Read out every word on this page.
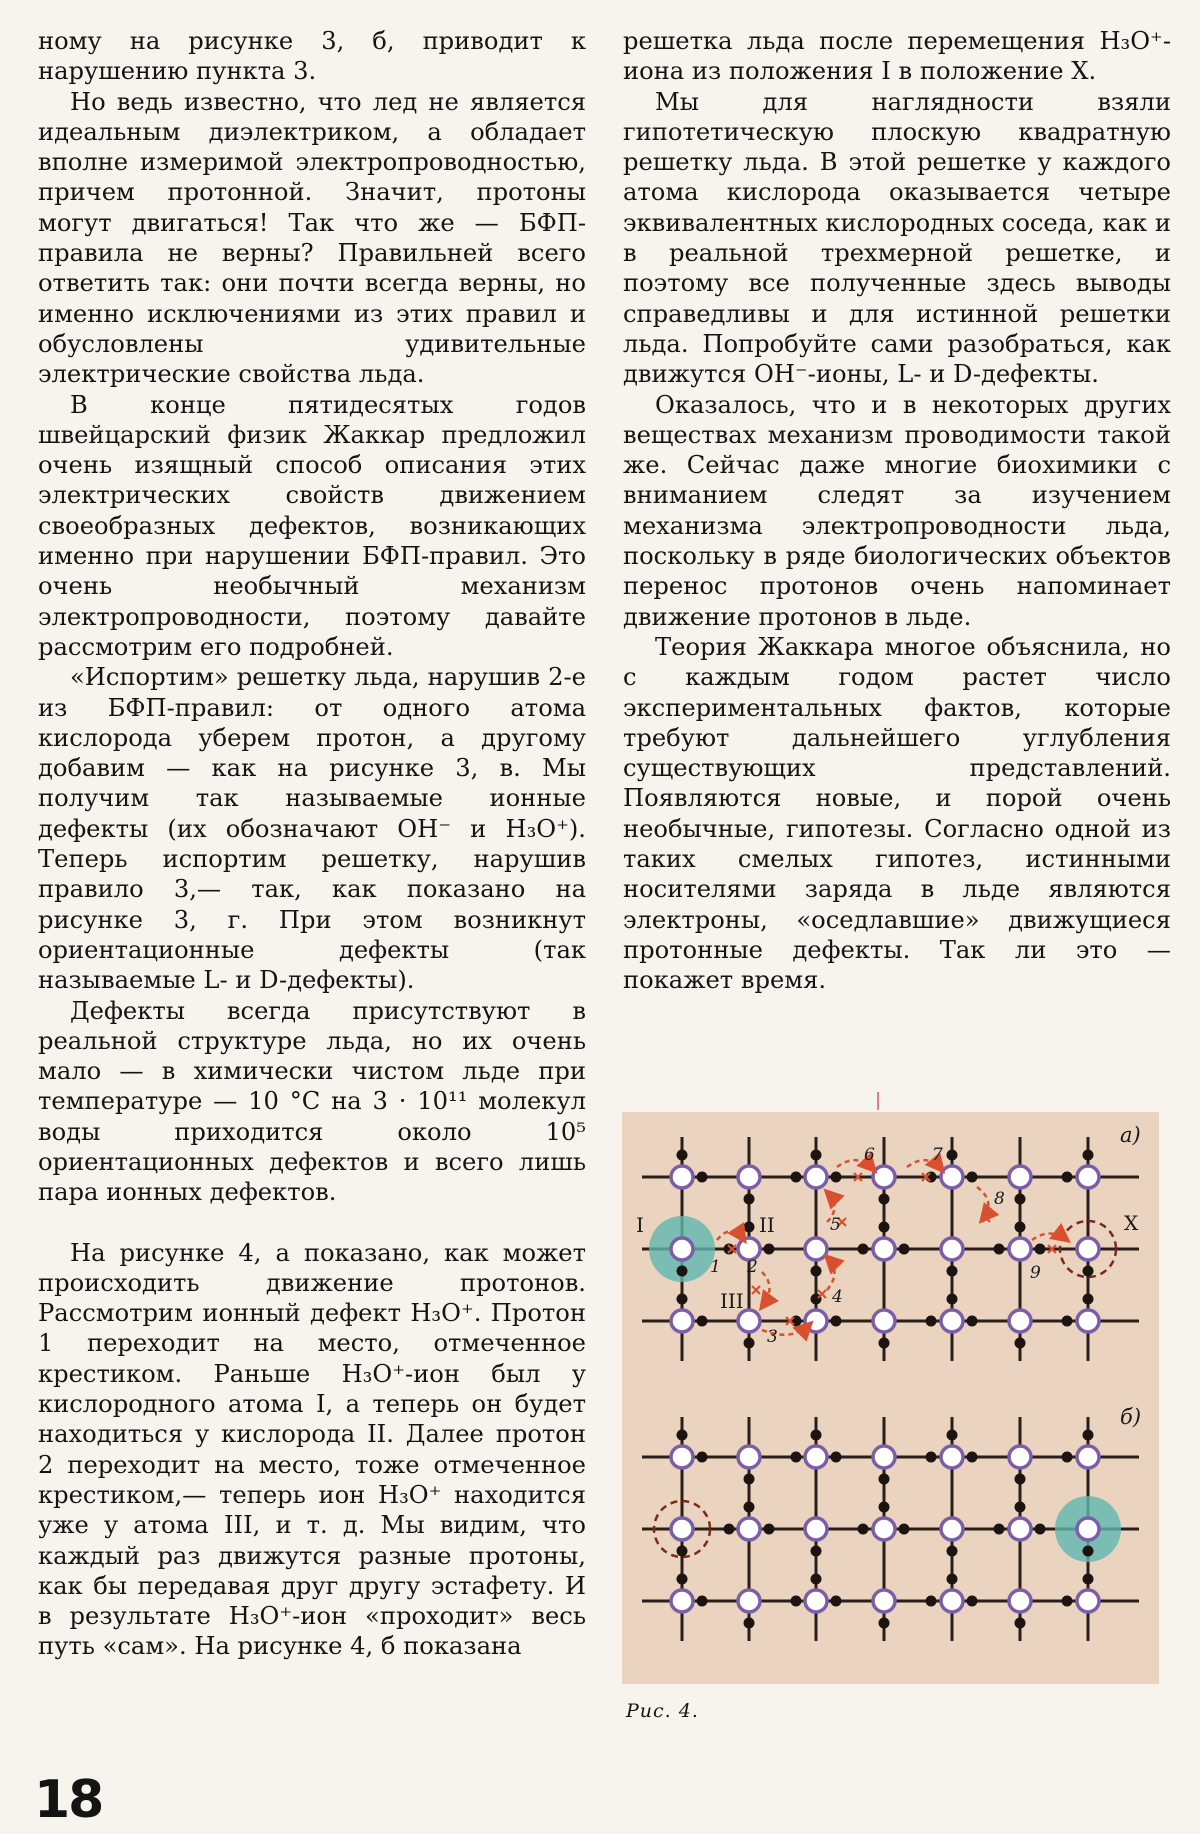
ному на рисунке 3, б, приводит к нарушению пункта 3.

Но ведь известно, что лед не является идеальным диэлектриком, а обладает вполне измеримой электропроводностью, причем протонной. Значит, протоны могут двигаться! Так что же — БФП-правила не верны? Правильней всего ответить так: они почти всегда верны, но именно исключениями из этих правил и обусловлены удивительные электрические свойства льда.

В конце пятидесятых годов швейцарский физик Жаккар предложил очень изящный способ описания этих электрических свойств движением своеобразных дефектов, возникающих именно при нарушении БФП-правил. Это очень необычный механизм электропроводности, поэтому давайте рассмотрим его подробней.

«Испортим» решетку льда, нарушив 2-е из БФП-правил: от одного атома кислорода уберем протон, а другому добавим — как на рисунке 3, в. Мы получим так называемые ионные дефекты (их обозначают OH⁻ и H₃O⁺). Теперь испортим решетку, нарушив правило 3,— так, как показано на рисунке 3, г. При этом возникнут ориентационные дефекты (так называемые L- и D-дефекты).

Дефекты всегда присутствуют в реальной структуре льда, но их очень мало — в химически чистом льде при температуре — 10 °C на 3 · 10¹¹ молекул воды приходится около 10⁵ ориентационных дефектов и всего лишь пара ионных дефектов.

На рисунке 4, а показано, как может происходить движение протонов. Рассмотрим ионный дефект H₃O⁺. Протон 1 переходит на место, отмеченное крестиком. Раньше H₃O⁺-ион был у кислородного атома I, а теперь он будет находиться у кислорода II. Далее протон 2 переходит на место, тоже отмеченное крестиком,— теперь ион H₃O⁺ находится уже у атома III, и т. д. Мы видим, что каждый раз движутся разные протоны, как бы передавая друг другу эстафету. И в результате H₃O⁺-ион «проходит» весь путь «сам». На рисунке 4, б показана

решетка льда после перемещения H₃O⁺-иона из положения I в положение X.

Мы для наглядности взяли гипотетическую плоскую квадратную решетку льда. В этой решетке у каждого атома кислорода оказывается четыре эквивалентных кислородных соседа, как и в реальной трехмерной решетке, и поэтому все полученные здесь выводы справедливы и для истинной решетки льда. Попробуйте сами разобраться, как движутся OH⁻-ионы, L- и D-дефекты.

Оказалось, что и в некоторых других веществах механизм проводимости такой же. Сейчас даже многие биохимики с вниманием следят за изучением механизма электропроводности льда, поскольку в ряде биологических объектов перенос протонов очень напоминает движение протонов в льде.

Теория Жаккара многое объяснила, но с каждым годом растет число экспериментальных фактов, которые требуют дальнейшего углубления существующих представлений. Появляются новые, и порой очень необычные, гипотезы. Согласно одной из таких смелых гипотез, истинными носителями заряда в льде являются электроны, «оседлавшие» движущиеся протонные дефекты. Так ли это — покажет время.

а)
б)
I	II
III
X
1 2
3
4
5
6	7
8
9
Рис. 4.
18
